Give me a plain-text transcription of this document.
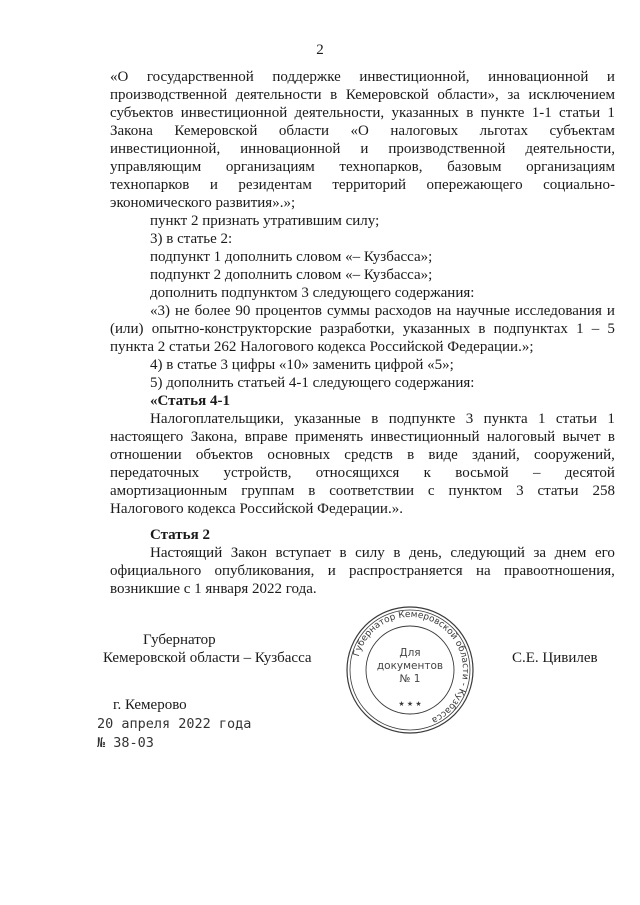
2
«О государственной поддержке инвестиционной, инновационной и
производственной деятельности в Кемеровской области», за исключением
субъектов инвестиционной деятельности, указанных в пункте 1-1 статьи 1
Закона Кемеровской области «О налоговых льготах субъектам
инвестиционной, инновационной и производственной деятельности,
управляющим организациям технопарков, базовым организациям
технопарков и резидентам территорий опережающего социально-
экономического развития».»;
пункт 2 признать утратившим силу;
3) в статье 2:
подпункт 1 дополнить словом «– Кузбасса»;
подпункт 2 дополнить словом «– Кузбасса»;
дополнить подпунктом 3 следующего содержания:
«3) не более 90 процентов суммы расходов на научные исследования и
(или) опытно-конструкторские разработки, указанных в подпунктах 1 – 5
пункта 2 статьи 262 Налогового кодекса Российской Федерации.»;
4) в статье 3 цифры «10» заменить цифрой «5»;
5) дополнить статьей 4-1 следующего содержания:
«Статья 4-1
Налогоплательщики, указанные в подпункте 3 пункта 1 статьи 1
настоящего Закона, вправе применять инвестиционный налоговый вычет в
отношении объектов основных средств в виде зданий, сооружений,
передаточных устройств, относящихся к восьмой – десятой
амортизационным группам в соответствии с пунктом 3 статьи 258
Налогового кодекса Российской Федерации.».
Статья 2
Настоящий Закон вступает в силу в день, следующий за днем его
официального опубликования, и распространяется на правоотношения,
возникшие с 1 января 2022 года.
Губернатор
Кемеровской области – Кузбасса	С.Е. Цивилев
Губернатор Кемеровской области - Кузбасса
★ ★ ★
Для
документов
№ 1
г. Кемерово
20 апреля 2022 года
№ 38-03
